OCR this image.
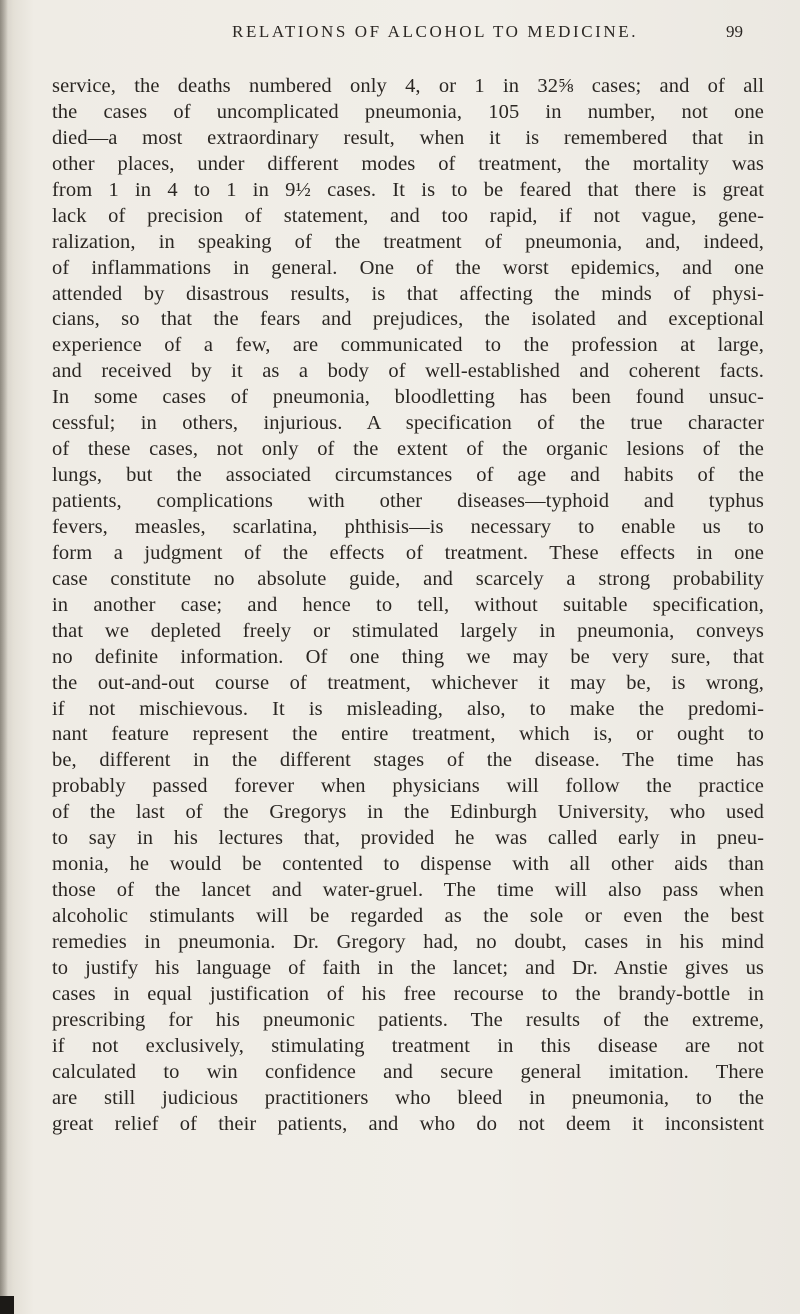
RELATIONS OF ALCOHOL TO MEDICINE.	99
service, the deaths numbered only 4, or 1 in 32⅝ cases; and of all
the cases of uncomplicated pneumonia, 105 in number, not one
died—a most extraordinary result, when it is remembered that in
other places, under different modes of treatment, the mortality was
from 1 in 4 to 1 in 9½ cases. It is to be feared that there is great
lack of precision of statement, and too rapid, if not vague, gene-
ralization, in speaking of the treatment of pneumonia, and, indeed,
of inflammations in general. One of the worst epidemics, and one
attended by disastrous results, is that affecting the minds of physi-
cians, so that the fears and prejudices, the isolated and exceptional
experience of a few, are communicated to the profession at large,
and received by it as a body of well-established and coherent facts.
In some cases of pneumonia, bloodletting has been found unsuc-
cessful; in others, injurious. A specification of the true character
of these cases, not only of the extent of the organic lesions of the
lungs, but the associated circumstances of age and habits of the
patients, complications with other diseases—typhoid and typhus
fevers, measles, scarlatina, phthisis—is necessary to enable us to
form a judgment of the effects of treatment. These effects in one
case constitute no absolute guide, and scarcely a strong probability
in another case; and hence to tell, without suitable specification,
that we depleted freely or stimulated largely in pneumonia, conveys
no definite information. Of one thing we may be very sure, that
the out-and-out course of treatment, whichever it may be, is wrong,
if not mischievous. It is misleading, also, to make the predomi-
nant feature represent the entire treatment, which is, or ought to
be, different in the different stages of the disease. The time has
probably passed forever when physicians will follow the practice
of the last of the Gregorys in the Edinburgh University, who used
to say in his lectures that, provided he was called early in pneu-
monia, he would be contented to dispense with all other aids than
those of the lancet and water-gruel. The time will also pass when
alcoholic stimulants will be regarded as the sole or even the best
remedies in pneumonia. Dr. Gregory had, no doubt, cases in his mind
to justify his language of faith in the lancet; and Dr. Anstie gives us
cases in equal justification of his free recourse to the brandy-bottle in
prescribing for his pneumonic patients. The results of the extreme,
if not exclusively, stimulating treatment in this disease are not
calculated to win confidence and secure general imitation. There
are still judicious practitioners who bleed in pneumonia, to the
great relief of their patients, and who do not deem it inconsistent
